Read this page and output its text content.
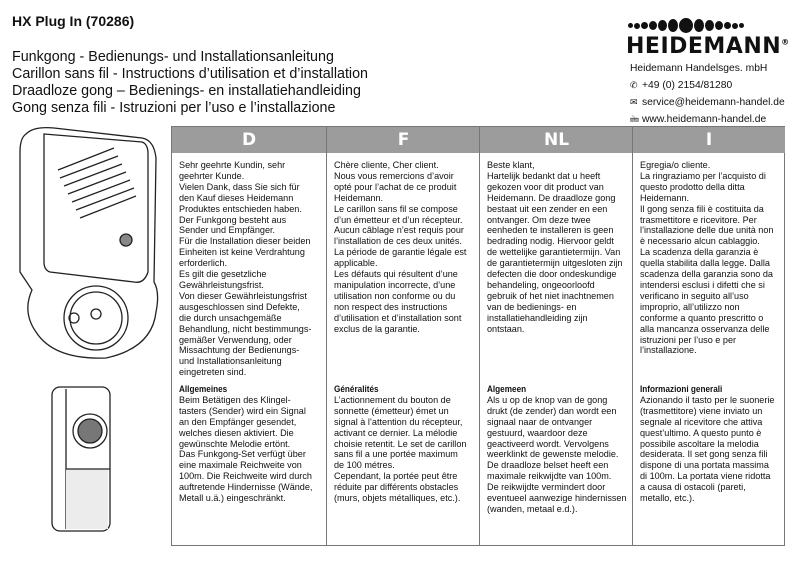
HX Plug In (70286)
Funkgong - Bedienungs- und Installationsanleitung
Carillon sans fil - Instructions d’utilisation et d’installation
Draadloze gong – Bedienings- en installatiehandleiding
Gong senza fili - Istruzioni per l’uso e l’installazione
HEIDEMANN®
Heidemann Handelsges. mbH
✆ +49 (0) 2154/81280
✉ service@heidemann-handel.de
🖮 www.heidemann-handel.de
D
Sehr geehrte Kundin, sehr
geehrter Kunde.
Vielen Dank, dass Sie sich für
den Kauf dieses Heidemann
Produktes entschieden haben.
Der Funkgong besteht aus
Sender und Empfänger.
Für die Installation dieser beiden
Einheiten ist keine Verdrahtung
erforderlich.
Es gilt die gesetzliche
Gewährleistungsfrist.
Von dieser Gewährleistungsfrist
ausgeschlossen sind Defekte,
die durch unsachgemäße
Behandlung, nicht bestimmungs-
gemäßer Verwendung, oder
Missachtung der Bedienungs-
und Installationsanleitung
eingetreten sind.
Allgemeines
Beim Betätigen des Klingel-
tasters (Sender) wird ein Signal
an den Empfänger gesendet,
welches diesen aktiviert. Die
gewünschte Melodie ertönt.
Das Funkgong-Set verfügt über
eine maximale Reichweite von
100m. Die Reichweite wird durch
auftretende Hindernisse (Wände,
Metall u.ä.) eingeschränkt.
F
Chère cliente, Cher client.
Nous vous remercions d’avoir
opté pour l’achat de ce produit
Heidemann.
Le carillon sans fil se compose
d’un émetteur et d’un récepteur.
Aucun câblage n’est requis pour
l’installation de ces deux unités.
La période de garantie légale est
applicable.
Les défauts qui résultent d’une
manipulation incorrecte, d’une
utilisation non conforme ou du
non respect des instructions
d’utilisation et d’installation sont
exclus de la garantie.
Généralités
L’actionnement du bouton de
sonnette (émetteur) émet un
signal à l’attention du récepteur,
activant ce dernier. La mélodie
choisie retentit. Le set de carillon
sans fil a une portée maximum
de 100 métres.
Cependant, la portée peut être
réduite par différents obstacles
(murs, objets métalliques, etc.).
NL
Beste klant,
Hartelijk bedankt dat u heeft
gekozen voor dit product van
Heidemann. De draadloze gong
bestaat uit een zender en een
ontvanger. Om deze twee
eenheden te installeren is geen
bedrading nodig. Hiervoor geldt
de wettelijke garantietermijn. Van
de garantietermijn uitgesloten zijn
defecten die door ondeskundige
behandeling, ongeoorloofd
gebruik of het niet inachtnemen
van de bedienings- en
installatiehandleiding zijn
ontstaan.
Algemeen
Als u op de knop van de gong
drukt (de zender) dan wordt een
signaal naar de ontvanger
gestuurd, waardoor deze
geactiveerd wordt. Vervolgens
weerklinkt de gewenste melodie.
De draadloze belset heeft een
maximale reikwijdte van 100m.
De reikwijdte vermindert door
eventueel aanwezige hindernissen
(wanden, metaal e.d.).
I
Egregia/o cliente.
La ringraziamo per l’acquisto di
questo prodotto della ditta
Heidemann.
Il gong senza fili è costituita da
trasmettitore e ricevitore. Per
l’installazione delle due unità non
è necessario alcun cablaggio.
La scadenza della garanzia è
quella stabilita dalla legge. Dalla
scadenza della garanzia sono da
intendersi esclusi i difetti che si
verificano in seguito all’uso
improprio, all’utilizzo non
conforme a quanto prescritto o
alla mancanza osservanza delle
istruzioni per l’uso e per
l’installazione.
Informazioni generali
Azionando il tasto per le suonerie
(trasmettitore) viene inviato un
segnale al ricevitore che attiva
quest’ultimo. A questo punto è
possibile ascoltare la melodia
desiderata. Il set gong senza fili
dispone di una portata massima
di 100m. La portata viene ridotta
a causa di ostacoli (pareti,
metallo, etc.).
